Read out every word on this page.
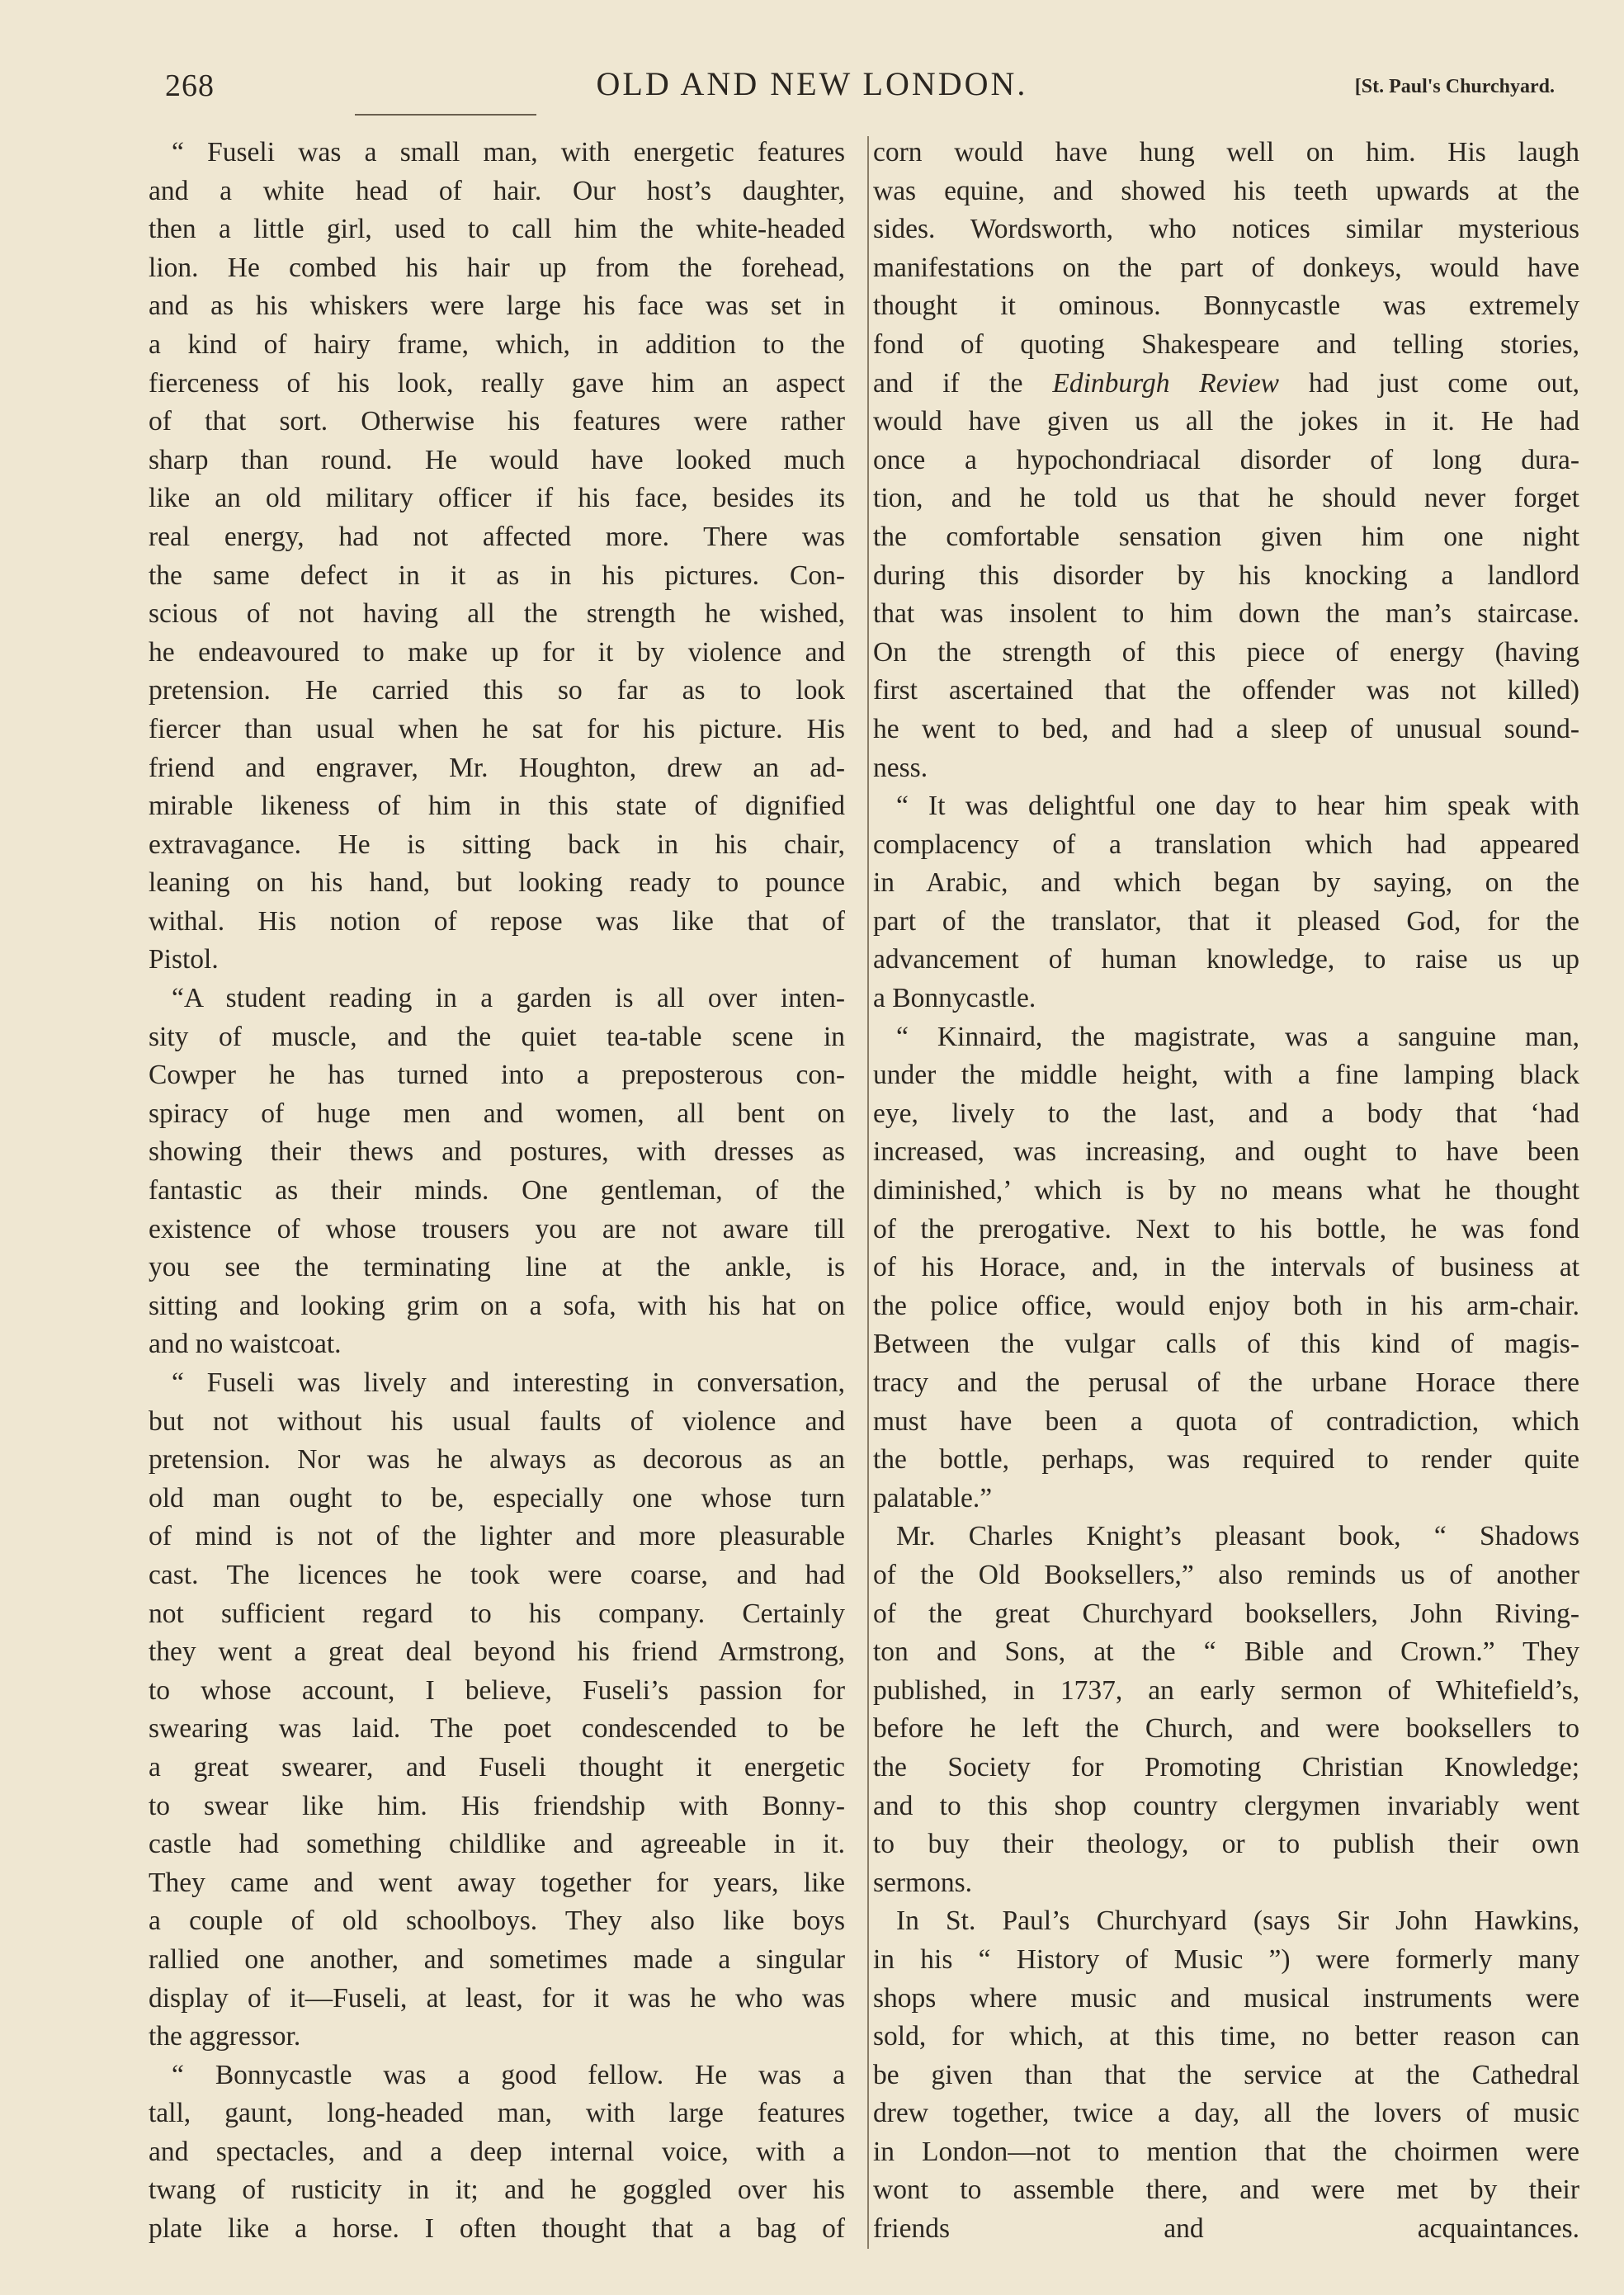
268	OLD AND NEW LONDON.	[St. Paul's Churchyard.
“ Fuseli was a small man, with energetic features
and a white head of hair. Our host’s daughter,
then a little girl, used to call him the white-headed
lion. He combed his hair up from the forehead,
and as his whiskers were large his face was set in
a kind of hairy frame, which, in addition to the
fierceness of his look, really gave him an aspect
of that sort. Otherwise his features were rather
sharp than round. He would have looked much
like an old military officer if his face, besides its
real energy, had not affected more. There was
the same defect in it as in his pictures. Con-
scious of not having all the strength he wished,
he endeavoured to make up for it by violence and
pretension. He carried this so far as to look
fiercer than usual when he sat for his picture. His
friend and engraver, Mr. Houghton, drew an ad-
mirable likeness of him in this state of dignified
extravagance. He is sitting back in his chair,
leaning on his hand, but looking ready to pounce
withal. His notion of repose was like that of
Pistol.
“A student reading in a garden is all over inten-
sity of muscle, and the quiet tea-table scene in
Cowper he has turned into a preposterous con-
spiracy of huge men and women, all bent on
showing their thews and postures, with dresses as
fantastic as their minds. One gentleman, of the
existence of whose trousers you are not aware till
you see the terminating line at the ankle, is
sitting and looking grim on a sofa, with his hat on
and no waistcoat.
“ Fuseli was lively and interesting in conversation,
but not without his usual faults of violence and
pretension. Nor was he always as decorous as an
old man ought to be, especially one whose turn
of mind is not of the lighter and more pleasurable
cast. The licences he took were coarse, and had
not sufficient regard to his company. Certainly
they went a great deal beyond his friend Armstrong,
to whose account, I believe, Fuseli’s passion for
swearing was laid. The poet condescended to be
a great swearer, and Fuseli thought it energetic
to swear like him. His friendship with Bonny-
castle had something childlike and agreeable in it.
They came and went away together for years, like
a couple of old schoolboys. They also like boys
rallied one another, and sometimes made a singular
display of it—Fuseli, at least, for it was he who was
the aggressor.
“ Bonnycastle was a good fellow. He was a
tall, gaunt, long-headed man, with large features
and spectacles, and a deep internal voice, with a
twang of rusticity in it; and he goggled over his
plate like a horse. I often thought that a bag of
corn would have hung well on him. His laugh
was equine, and showed his teeth upwards at the
sides. Wordsworth, who notices similar mysterious
manifestations on the part of donkeys, would have
thought it ominous. Bonnycastle was extremely
fond of quoting Shakespeare and telling stories,
and if the Edinburgh Review had just come out,
would have given us all the jokes in it. He had
once a hypochondriacal disorder of long dura-
tion, and he told us that he should never forget
the comfortable sensation given him one night
during this disorder by his knocking a landlord
that was insolent to him down the man’s staircase.
On the strength of this piece of energy (having
first ascertained that the offender was not killed)
he went to bed, and had a sleep of unusual sound-
ness.
“ It was delightful one day to hear him speak with
complacency of a translation which had appeared
in Arabic, and which began by saying, on the
part of the translator, that it pleased God, for the
advancement of human knowledge, to raise us up
a Bonnycastle.
“ Kinnaird, the magistrate, was a sanguine man,
under the middle height, with a fine lamping black
eye, lively to the last, and a body that ‘had
increased, was increasing, and ought to have been
diminished,’ which is by no means what he thought
of the prerogative. Next to his bottle, he was fond
of his Horace, and, in the intervals of business at
the police office, would enjoy both in his arm-chair.
Between the vulgar calls of this kind of magis-
tracy and the perusal of the urbane Horace there
must have been a quota of contradiction, which
the bottle, perhaps, was required to render quite
palatable.”
Mr. Charles Knight’s pleasant book, “ Shadows
of the Old Booksellers,” also reminds us of another
of the great Churchyard booksellers, John Riving-
ton and Sons, at the “ Bible and Crown.” They
published, in 1737, an early sermon of Whitefield’s,
before he left the Church, and were booksellers to
the Society for Promoting Christian Knowledge;
and to this shop country clergymen invariably went
to buy their theology, or to publish their own
sermons.
In St. Paul’s Churchyard (says Sir John Hawkins,
in his “ History of Music ”) were formerly many
shops where music and musical instruments were
sold, for which, at this time, no better reason can
be given than that the service at the Cathedral
drew together, twice a day, all the lovers of music
in London—not to mention that the choirmen were
wont to assemble there, and were met by their
friends and acquaintances.
